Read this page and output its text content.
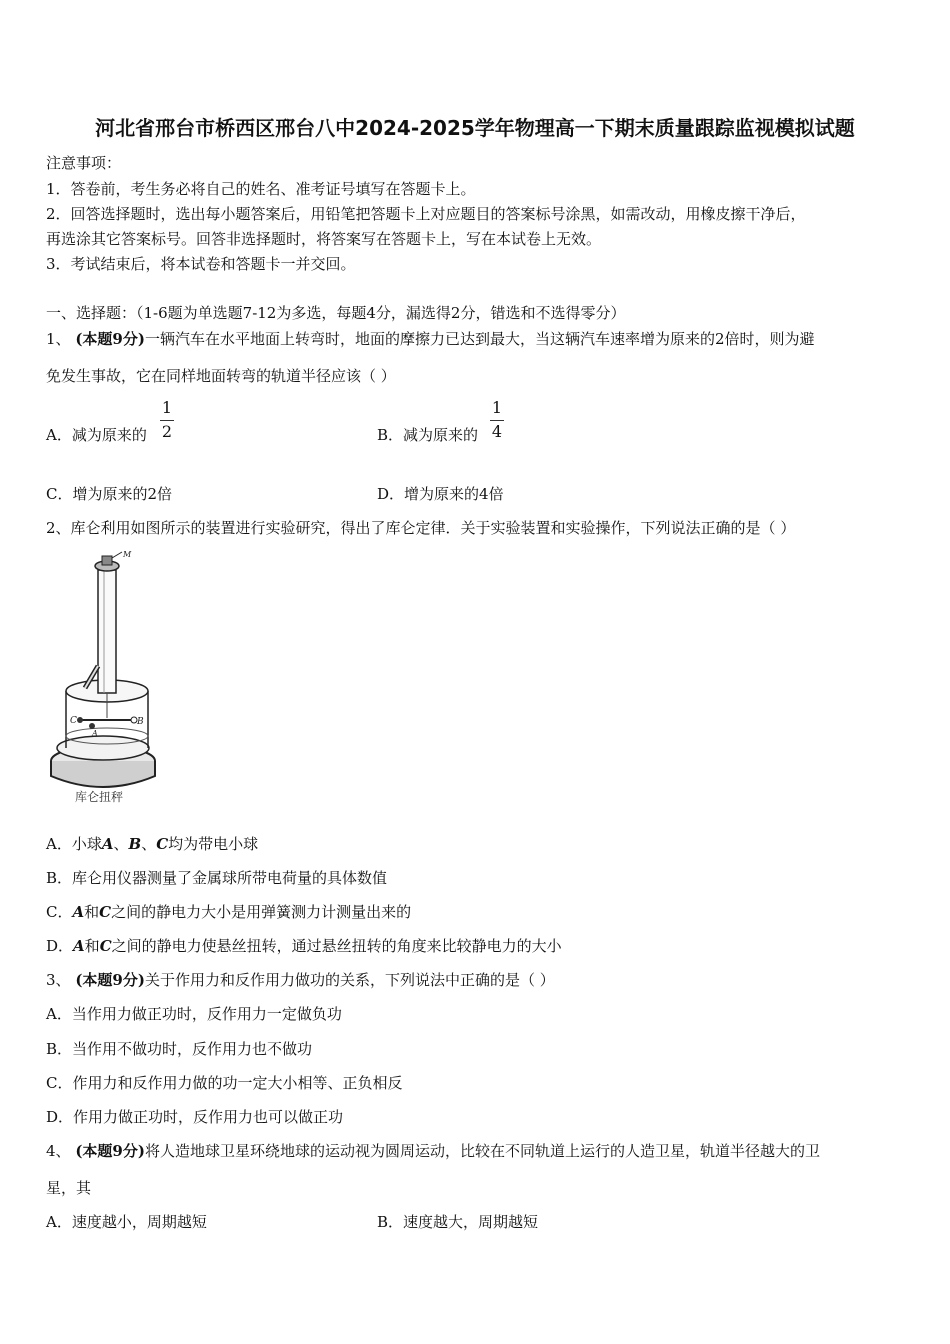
河北省邢台市桥西区邢台八中2024-2025学年物理高一下期末质量跟踪监视模拟试题
注意事项：
1．答卷前，考生务必将自己的姓名、准考证号填写在答题卡上。
2．回答选择题时，选出每小题答案后，用铅笔把答题卡上对应题目的答案标号涂黑，如需改动，用橡皮擦干净后，
再选涂其它答案标号。回答非选择题时，将答案写在答题卡上，写在本试卷上无效。
3．考试结束后，将本试卷和答题卡一并交回。
一、选择题：（1-6题为单选题7-12为多选，每题4分，漏选得2分，错选和不选得零分）
1、 (本题9分)一辆汽车在水平地面上转弯时，地面的摩擦力已达到最大，当这辆汽车速率增为原来的2倍时，则为避
免发生事故，它在同样地面转弯的轨道半径应该（ ）
A．减为原来的
1
2	B．减为原来的
1
4
C．增为原来的2倍	D．增为原来的4倍
2、库仑利用如图所示的装置进行实验研究，得出了库仑定律．关于实验装置和实验操作，下列说法正确的是（ ）
M
C
A
B
库仑扭秤
A．小球A、B、C均为带电小球
B．库仑用仪器测量了金属球所带电荷量的具体数值
C．A和C之间的静电力大小是用弹簧测力计测量出来的
D．A和C之间的静电力使悬丝扭转，通过悬丝扭转的角度来比较静电力的大小
3、 (本题9分)关于作用力和反作用力做功的关系，下列说法中正确的是（ ）
A．当作用力做正功时，反作用力一定做负功
B．当作用不做功时，反作用力也不做功
C．作用力和反作用力做的功一定大小相等、正负相反
D．作用力做正功时，反作用力也可以做正功
4、 (本题9分)将人造地球卫星环绕地球的运动视为圆周运动，比较在不同轨道上运行的人造卫星，轨道半径越大的卫
星，其
A．速度越小，周期越短	B．速度越大，周期越短
